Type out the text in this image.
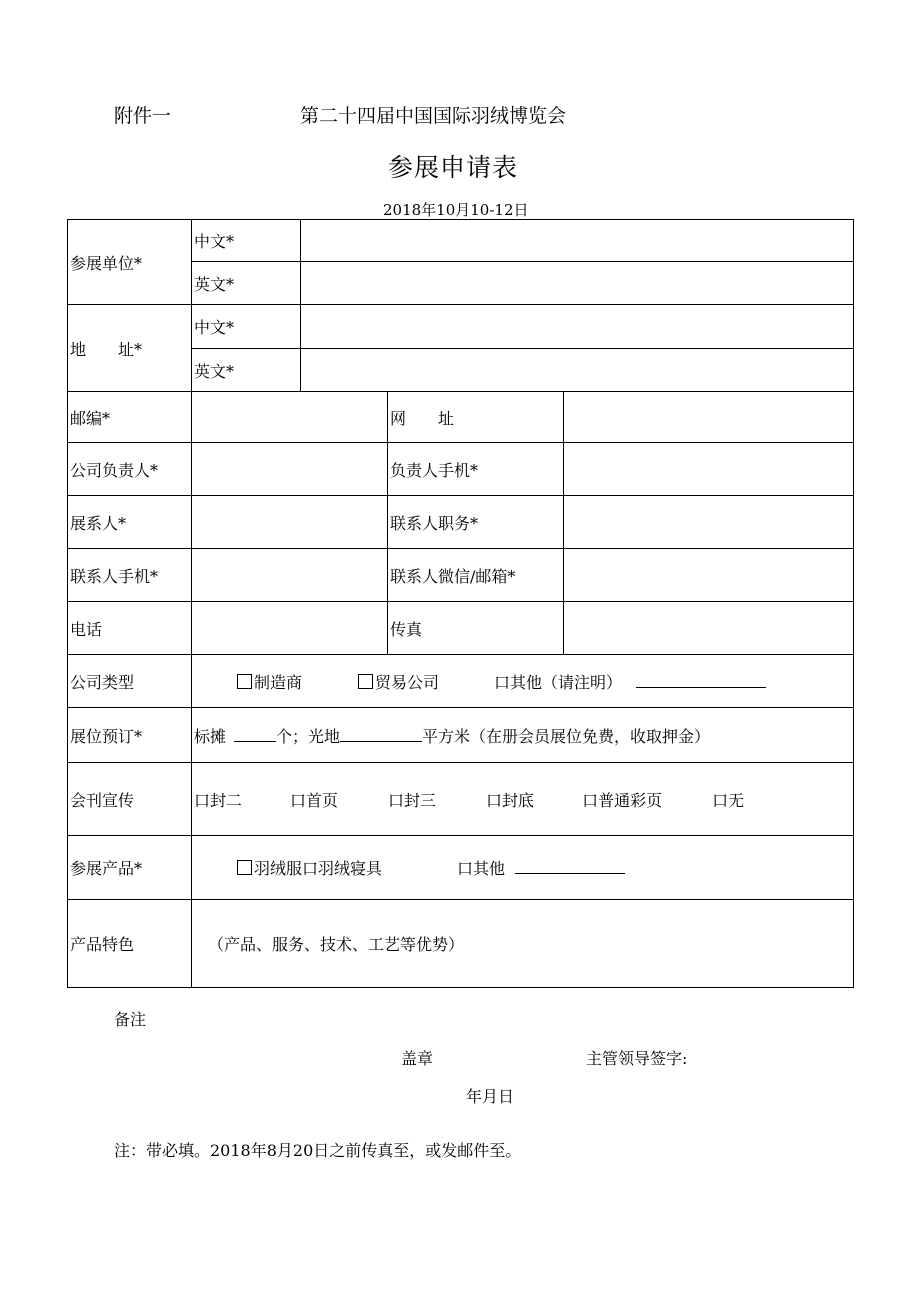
附件一	第二十四届中国国际羽绒博览会
参展申请表
2018年10月10-12日
参展单位*	中文*			
	英文*			
地　　址*	中文*			
	英文*			
邮编*			网　　址	
公司负责人*			负责人手机*	
展系人*			联系人职务*	
联系人手机*			联系人微信/邮箱*	
电话			传真	
公司类型	制造商 贸易公司 口其他（请注明）			
展位预订*	标摊 个；光地 平方米（在册会员展位免费，收取押金）			
会刊宣传	口封二 口首页 口封三 口封底 口普通彩页 口无			
参展产品*	羽绒服口羽绒寝具 口其他			
产品特色	（产品、服务、技术、工艺等优势）			
备注
盖章	主管领导签字:
年月日
注：带必填。2018年8月20日之前传真至，或发邮件至。
